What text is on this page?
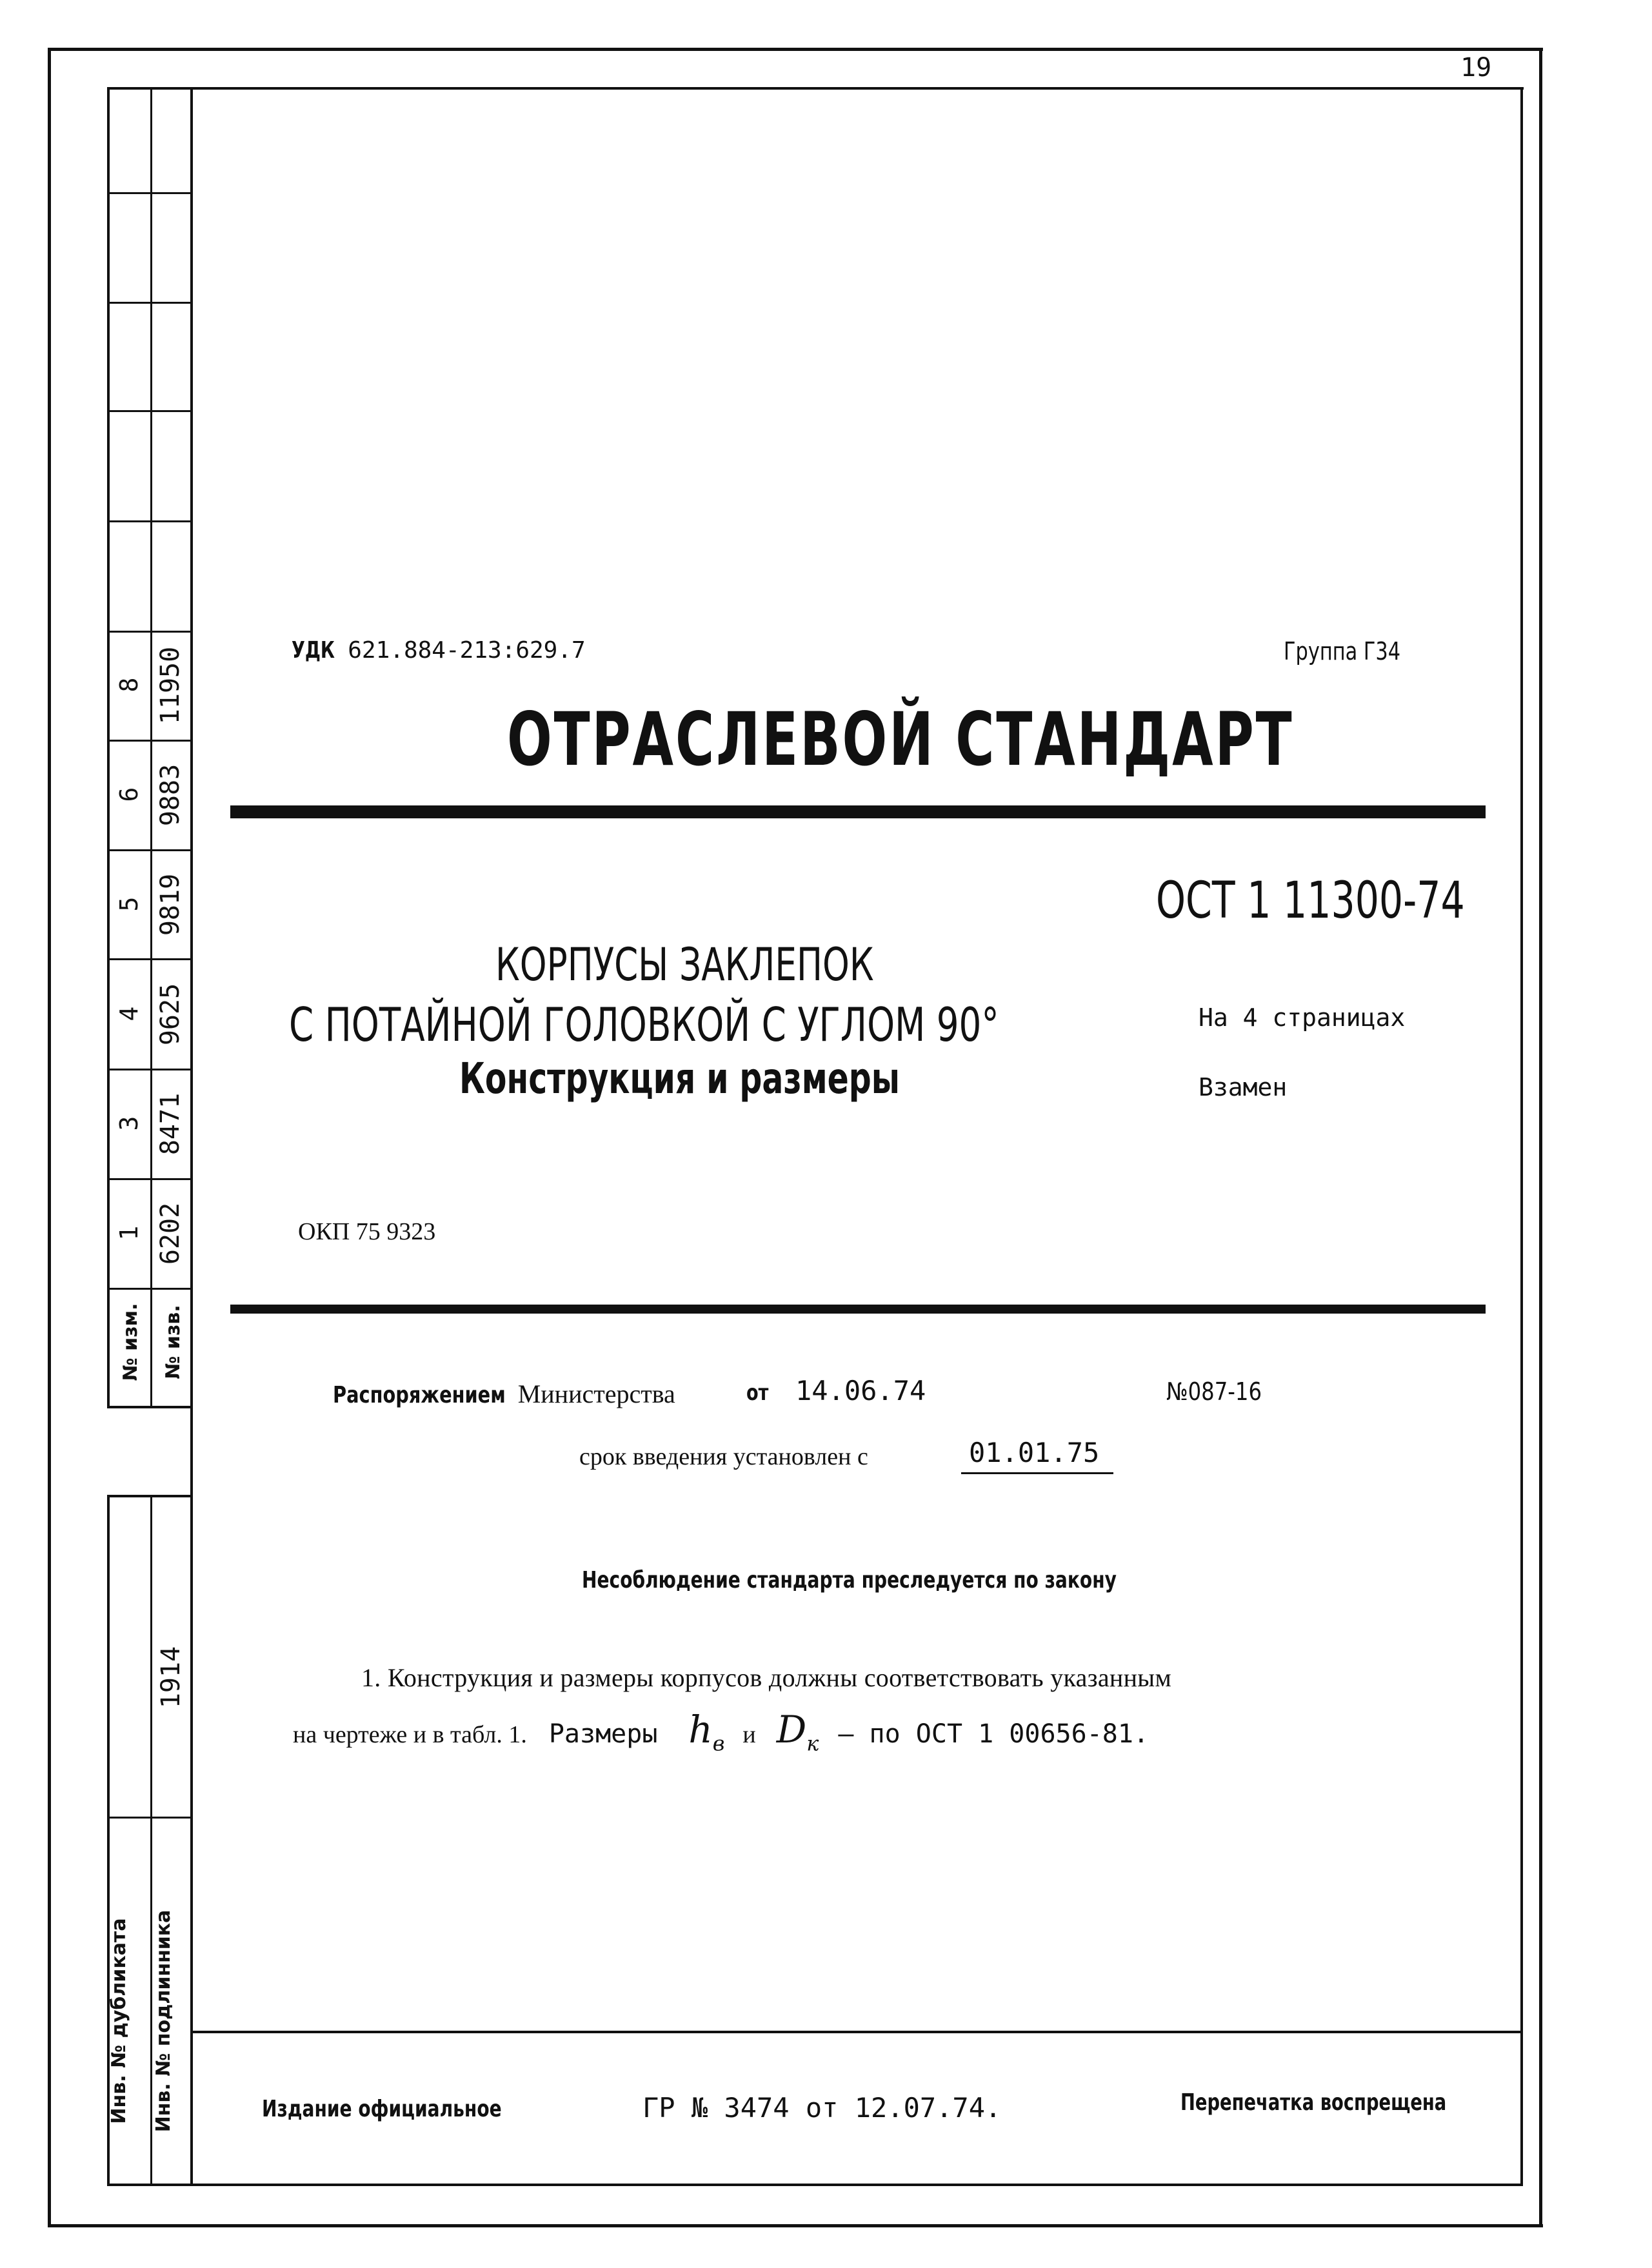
19
1 6202
3 8471
4 9625
5 9819
6 9883
8 11950
№ изм. № изв.
1914
Инв. № дубликата Инв. № подлинника
УДК 621.884-213:629.7	Группа Г34
ОТРАСЛЕВОЙ СТАНДАРТ
ОСТ 1 11300-74
КОРПУСЫ ЗАКЛЕПОК
С ПОТАЙНОЙ ГОЛОВКОЙ С УГЛОМ 90°
Конструкция и размеры
На 4 страницах
Взамен
ОКП 75 9323
Распоряжением Министерства	от 14.06.74	№087-16
срок введения установлен с	01.01.75
Несоблюдение стандарта преследуется по закону
1. Конструкция и размеры корпусов должны соответствовать указанным
на чертеже и в табл. 1. Размеры $h_в$ и $D_к$ – по ОСТ 1 00656-81.
Издание официальное	ГР № 3474 от 12.07.74.	Перепечатка воспрещена
